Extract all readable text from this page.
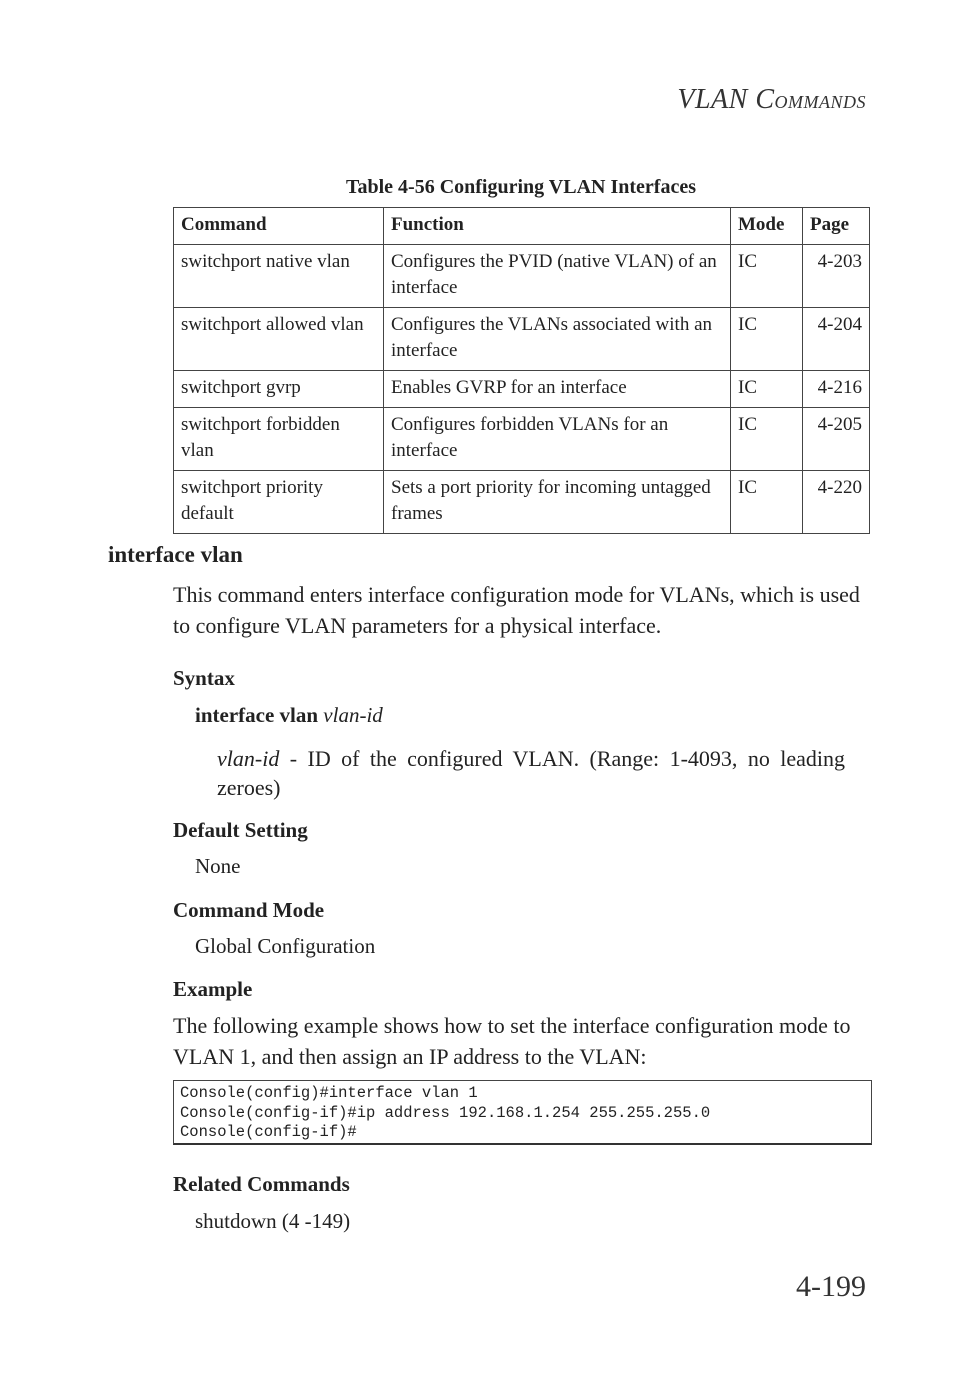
VLAN COMMANDS
Table 4-56 Configuring VLAN Interfaces
Command	Function	Mode	Page
switchport native vlan	Configures the PVID (native VLAN) of an interface	IC	4-203
switchport allowed vlan	Configures the VLANs associated with an interface	IC	4-204
switchport gvrp	Enables GVRP for an interface	IC	4-216
switchport forbidden vlan	Configures forbidden VLANs for an interface	IC	4-205
switchport priority default	Sets a port priority for incoming untagged frames	IC	4-220
interface vlan
This command enters interface configuration mode for VLANs, which is used to configure VLAN parameters for a physical interface.
Syntax
interface vlan vlan-id
vlan-id - ID of the configured VLAN. (Range: 1-4093, no leading zeroes)
Default Setting
None
Command Mode
Global Configuration
Example
The following example shows how to set the interface configuration mode to VLAN 1, and then assign an IP address to the VLAN:
Console(config)#interface vlan 1
Console(config-if)#ip address 192.168.1.254 255.255.255.0
Console(config-if)#
Related Commands
shutdown (4 -149)
4-199
